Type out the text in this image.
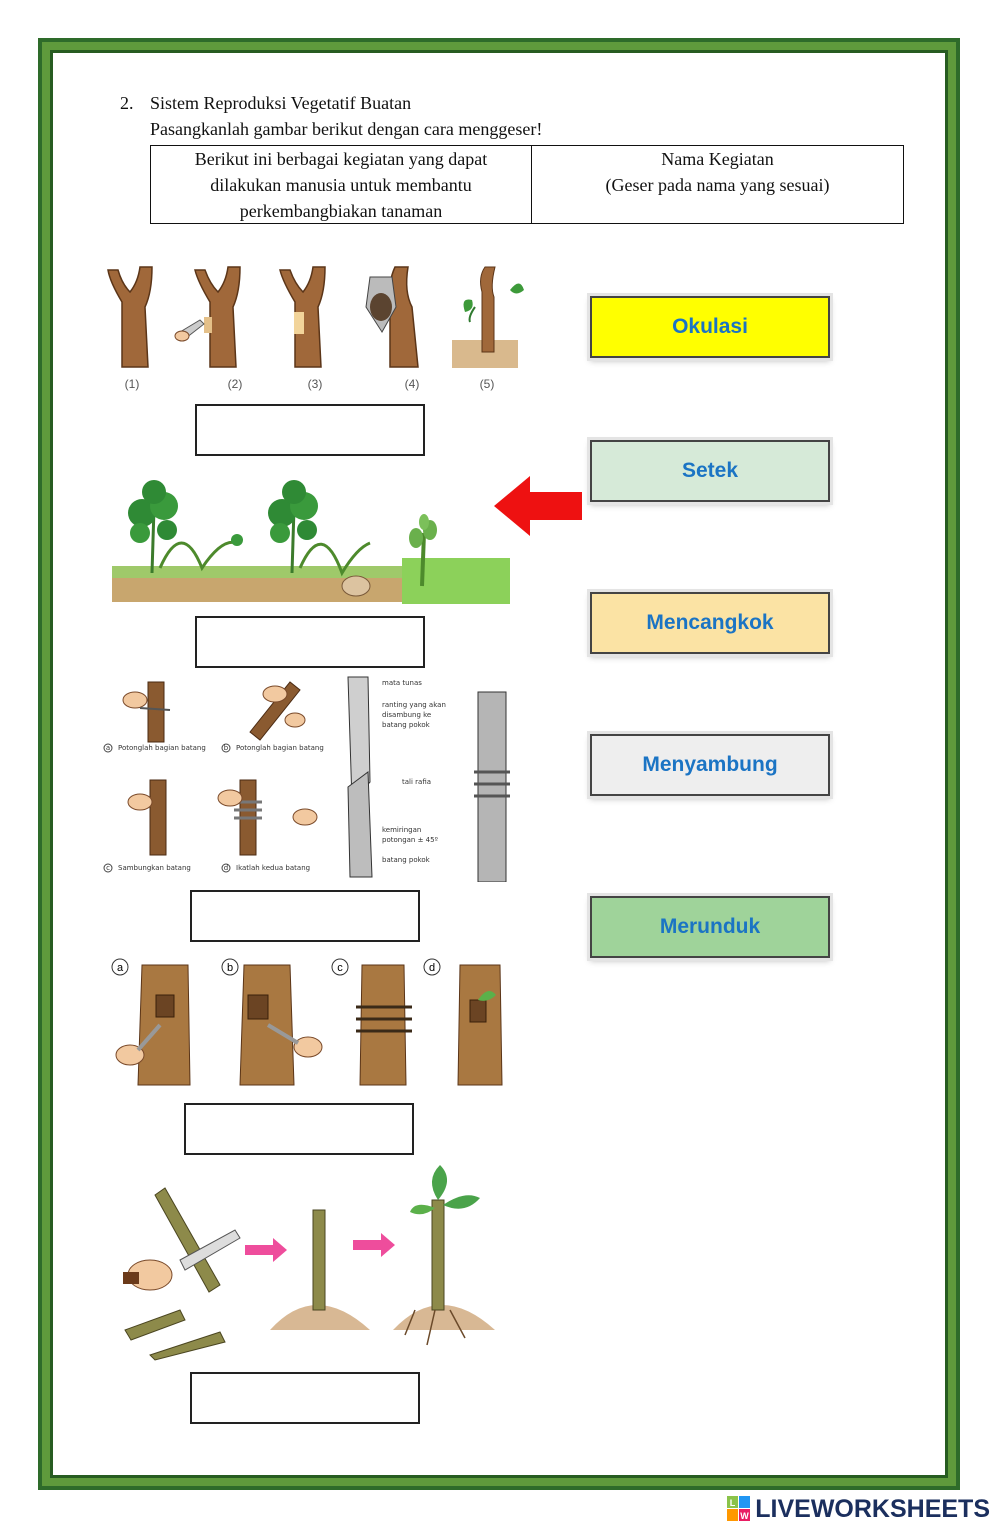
2. Sistem Reproduksi Vegetatif Buatan
Pasangkanlah gambar berikut dengan cara menggeser!
Berikut ini berbagai kegiatan yang dapat
dilakukan manusia untuk membantu
perkembangbiakan tanaman
Nama Kegiatan
(Geser pada nama yang sesuai)
(1)	(2)	(3)	(4)	(5)
a Potonglah bagian batang	b Potonglah bagian batang
c Sambungkan batang	d Ikatlah kedua batang
mata tunas
ranting yang akan
disambung ke
batang pokok
tali rafia
kemiringan
potongan ± 45º
batang pokok
a	b	c	d
Okulasi
Setek
Mencangkok
Menyambung
Merunduk
L
W LIVEWORKSHEETS
